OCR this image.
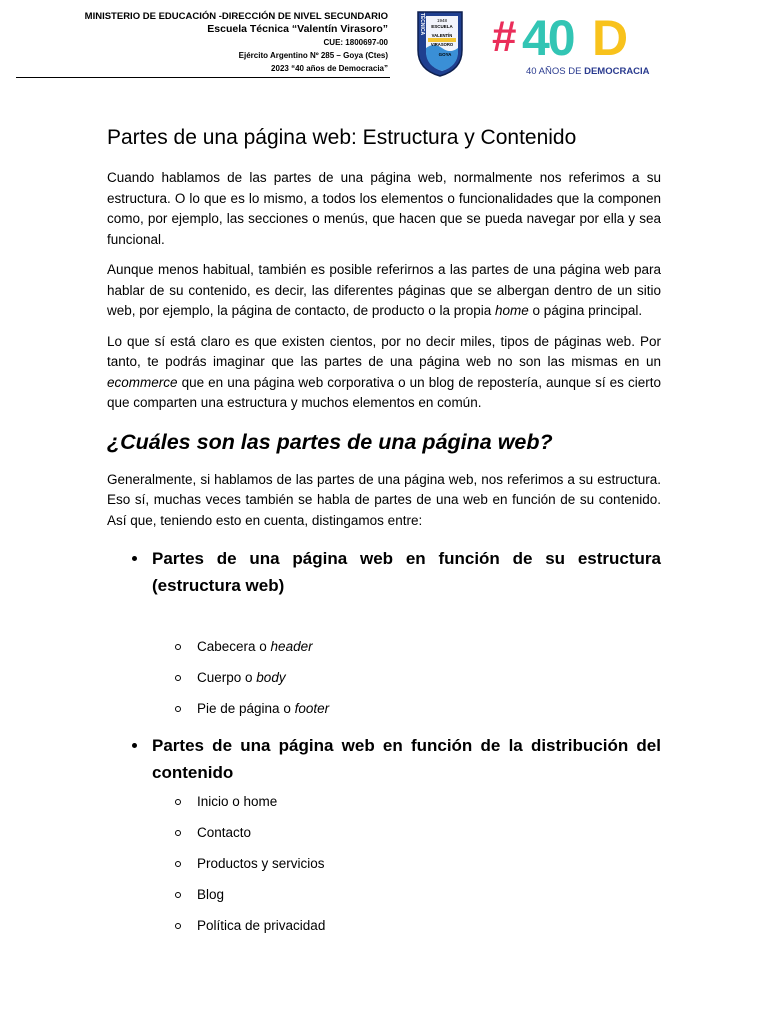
MINISTERIO DE EDUCACIÓN -DIRECCIÓN DE NIVEL SECUNDARIO
Escuela Técnica “Valentín Virasoro”
CUE: 1800697-00
Ejército Argentino Nº 285 – Goya (Ctes)
2023 “40 años de Democracia”
1948
ESCUELA
VALENTÍN
VIRASORO
GOYA
TÉCNICA # 40 D
40 AÑOS DE DEMOCRACIA
Partes de una página web: Estructura y Contenido

Cuando hablamos de las partes de una página web, normalmente nos referimos a su estructura. O lo que es lo mismo, a todos los elementos o funcionalidades que la componen como, por ejemplo, las secciones o menús, que hacen que se pueda navegar por ella y sea funcional.

Aunque menos habitual, también es posible referirnos a las partes de una página web para hablar de su contenido, es decir, las diferentes páginas que se albergan dentro de un sitio web, por ejemplo, la página de contacto, de producto o la propia home o página principal.

Lo que sí está claro es que existen cientos, por no decir miles, tipos de páginas web. Por tanto, te podrás imaginar que las partes de una página web no son las mismas en un ecommerce que en una página web corporativa o un blog de repostería, aunque sí es cierto que comparten una estructura y muchos elementos en común.

¿Cuáles son las partes de una página web?

Generalmente, si hablamos de las partes de una página web, nos referimos a su estructura. Eso sí, muchas veces también se habla de partes de una web en función de su contenido. Así que, teniendo esto en cuenta, distingamos entre:

Partes de una página web en función de su estructura (estructura web)
Cabecera o header
Cuerpo o body
Pie de página o footer
Partes de una página web en función de la distribución del contenido
Inicio o home
Contacto
Productos y servicios
Blog
Política de privacidad
